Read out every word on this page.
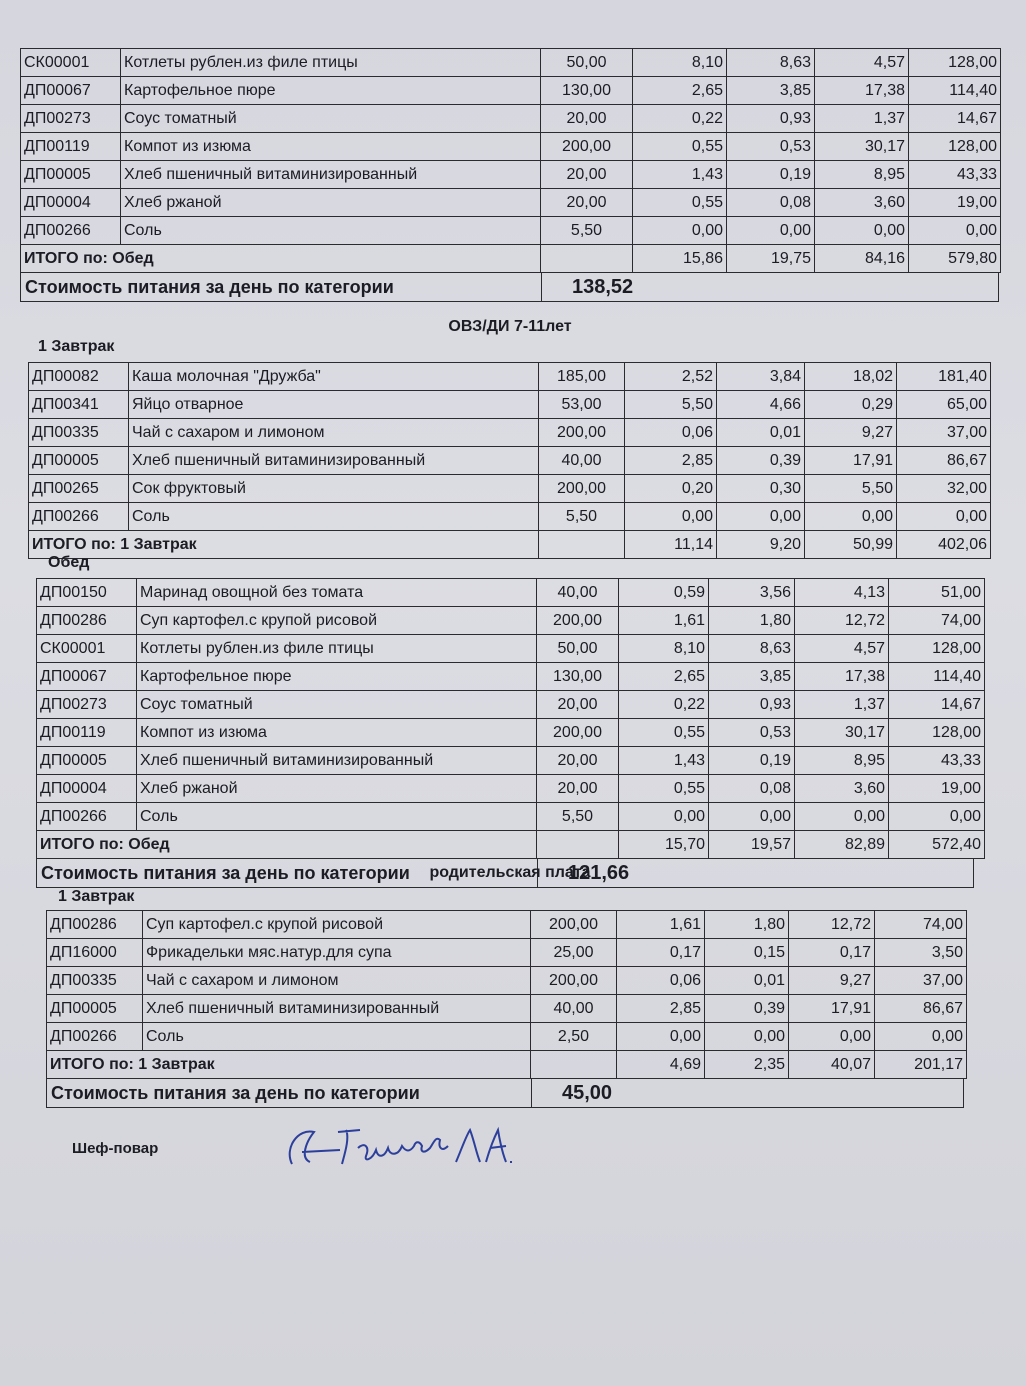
СК00001	Котлеты рублен.из филе птицы	50,00	8,10	8,63	4,57	128,00
ДП00067	Картофельное пюре	130,00	2,65	3,85	17,38	114,40
ДП00273	Соус томатный	20,00	0,22	0,93	1,37	14,67
ДП00119	Компот из изюма	200,00	0,55	0,53	30,17	128,00
ДП00005	Хлеб пшеничный витаминизированный	20,00	1,43	0,19	8,95	43,33
ДП00004	Хлеб ржаной	20,00	0,55	0,08	3,60	19,00
ДП00266	Соль	5,50	0,00	0,00	0,00	0,00
ИТОГО по: Обед			15,86	19,75	84,16	579,80
Стоимость питания за день по категории	138,52
ОВЗ/ДИ 7-11лет
1 Завтрак
ДП00082	Каша молочная "Дружба"	185,00	2,52	3,84	18,02	181,40
ДП00341	Яйцо отварное	53,00	5,50	4,66	0,29	65,00
ДП00335	Чай с сахаром и лимоном	200,00	0,06	0,01	9,27	37,00
ДП00005	Хлеб пшеничный витаминизированный	40,00	2,85	0,39	17,91	86,67
ДП00265	Сок фруктовый	200,00	0,20	0,30	5,50	32,00
ДП00266	Соль	5,50	0,00	0,00	0,00	0,00
ИТОГО по: 1 Завтрак			11,14	9,20	50,99	402,06
Обед
ДП00150	Маринад овощной без томата	40,00	0,59	3,56	4,13	51,00
ДП00286	Суп картофел.с крупой рисовой	200,00	1,61	1,80	12,72	74,00
СК00001	Котлеты рублен.из филе птицы	50,00	8,10	8,63	4,57	128,00
ДП00067	Картофельное пюре	130,00	2,65	3,85	17,38	114,40
ДП00273	Соус томатный	20,00	0,22	0,93	1,37	14,67
ДП00119	Компот из изюма	200,00	0,55	0,53	30,17	128,00
ДП00005	Хлеб пшеничный витаминизированный	20,00	1,43	0,19	8,95	43,33
ДП00004	Хлеб ржаной	20,00	0,55	0,08	3,60	19,00
ДП00266	Соль	5,50	0,00	0,00	0,00	0,00
ИТОГО по: Обед			15,70	19,57	82,89	572,40
Стоимость питания за день по категории	121,66
родительская плата
1 Завтрак
ДП00286	Суп картофел.с крупой рисовой	200,00	1,61	1,80	12,72	74,00
ДП16000	Фрикадельки мяс.натур.для супа	25,00	0,17	0,15	0,17	3,50
ДП00335	Чай с сахаром и лимоном	200,00	0,06	0,01	9,27	37,00
ДП00005	Хлеб пшеничный витаминизированный	40,00	2,85	0,39	17,91	86,67
ДП00266	Соль	2,50	0,00	0,00	0,00	0,00
ИТОГО по: 1 Завтрак			4,69	2,35	40,07	201,17
Стоимость питания за день по категории	45,00
Шеф-повар
